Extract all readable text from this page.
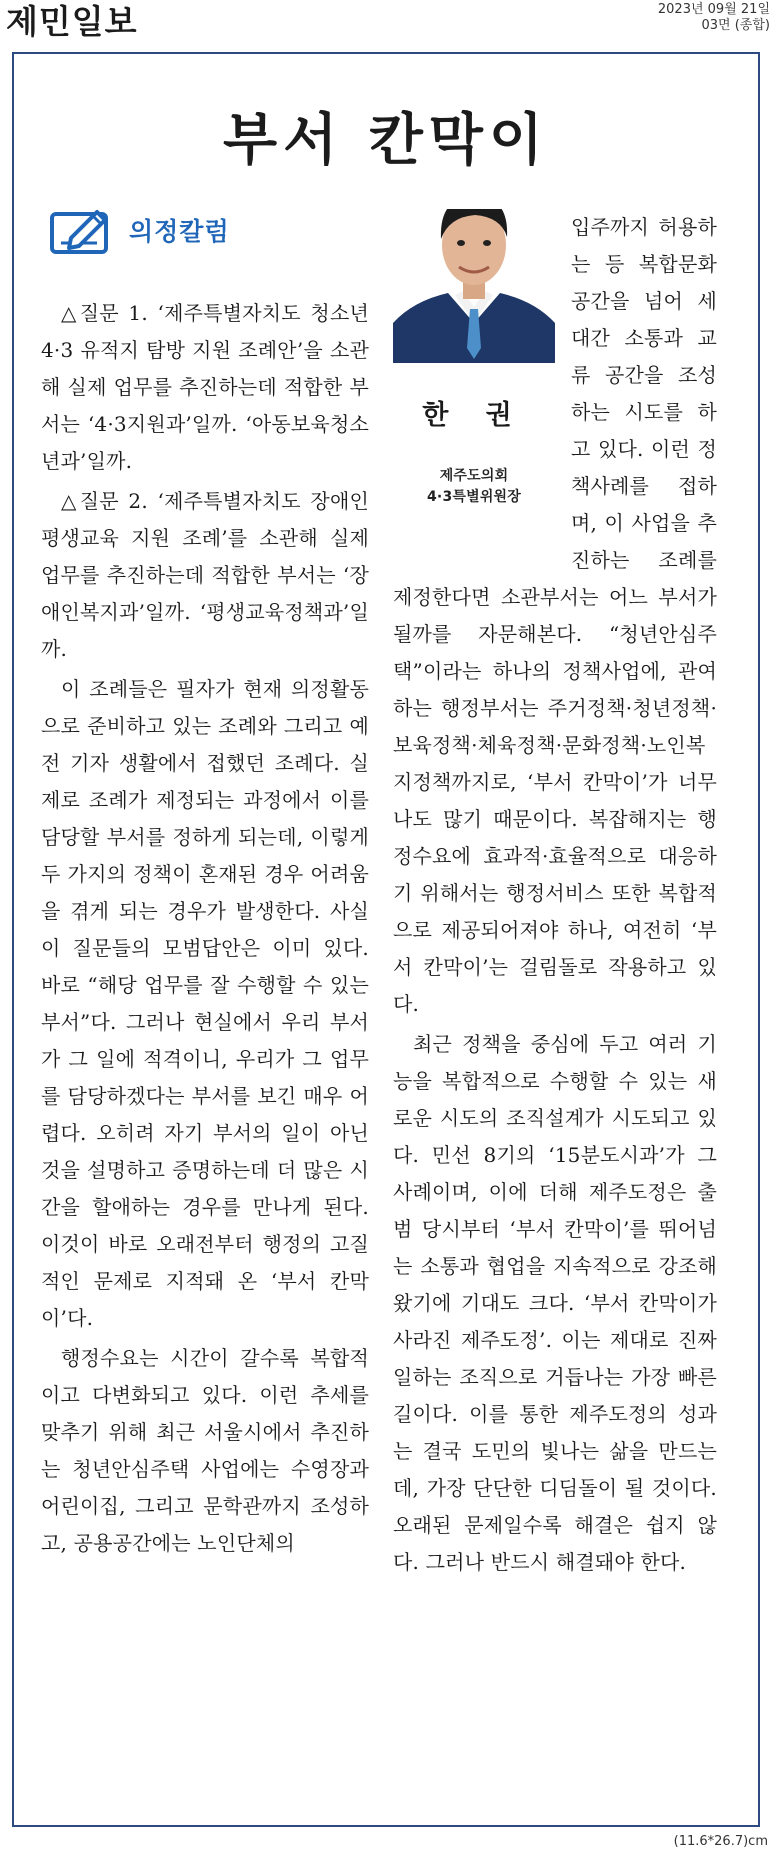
제민일보	2023년 09월 21일
03면 (종합)
부서 칸막이
의정칼럼

△질문 1. ‘제주특별자치도 청소년 4·3 유적지 탐방 지원 조례안’을 소관해 실제 업무를 추진하는데 적합한 부서는 ‘4·3지원과’일까. ‘아동보육청소년과’일까.

△질문 2. ‘제주특별자치도 장애인 평생교육 지원 조례’를 소관해 실제 업무를 추진하는데 적합한 부서는 ‘장애인복지과’일까. ‘평생교육정책과’일까.

이 조례들은 필자가 현재 의정활동으로 준비하고 있는 조례와 그리고 예전 기자 생활에서 접했던 조례다. 실제로 조례가 제정되는 과정에서 이를 담당할 부서를 정하게 되는데, 이렇게 두 가지의 정책이 혼재된 경우 어려움을 겪게 되는 경우가 발생한다. 사실 이 질문들의 모범답안은 이미 있다. 바로 “해당 업무를 잘 수행할 수 있는 부서”다. 그러나 현실에서 우리 부서가 그 일에 적격이니, 우리가 그 업무를 담당하겠다는 부서를 보긴 매우 어렵다. 오히려 자기 부서의 일이 아닌 것을 설명하고 증명하는데 더 많은 시간을 할애하는 경우를 만나게 된다. 이것이 바로 오래전부터 행정의 고질적인 문제로 지적돼 온 ‘부서 칸막이’다.

행정수요는 시간이 갈수록 복합적이고 다변화되고 있다. 이런 추세를 맞추기 위해 최근 서울시에서 추진하는 청년안심주택 사업에는 수영장과 어린이집, 그리고 문학관까지 조성하고, 공용공간에는 노인단체의

한 권
제주도의회
4·3특별위원장

입주까지 허용하는 등 복합문화공간을 넘어 세대간 소통과 교류 공간을 조성하는 시도를 하고 있다. 이런 정책사례를 접하며, 이 사업을 추진하는 조례를 제정한다면 소관부서는 어느 부서가 될까를 자문해본다. “청년안심주택”이라는 하나의 정책사업에, 관여하는 행정부서는 주거정책·청년정책·보육정책·체육정책·문화정책·노인복지정책까지로, ‘부서 칸막이’가 너무나도 많기 때문이다. 복잡해지는 행정수요에 효과적·효율적으로 대응하기 위해서는 행정서비스 또한 복합적으로 제공되어져야 하나, 여전히 ‘부서 칸막이’는 걸림돌로 작용하고 있다.

최근 정책을 중심에 두고 여러 기능을 복합적으로 수행할 수 있는 새로운 시도의 조직설계가 시도되고 있다. 민선 8기의 ‘15분도시과’가 그 사례이며, 이에 더해 제주도정은 출범 당시부터 ‘부서 칸막이’를 뛰어넘는 소통과 협업을 지속적으로 강조해 왔기에 기대도 크다. ‘부서 칸막이가 사라진 제주도정’. 이는 제대로 진짜 일하는 조직으로 거듭나는 가장 빠른 길이다. 이를 통한 제주도정의 성과는 결국 도민의 빛나는 삶을 만드는데, 가장 단단한 디딤돌이 될 것이다. 오래된 문제일수록 해결은 쉽지 않다. 그러나 반드시 해결돼야 한다.

(11.6*26.7)cm
